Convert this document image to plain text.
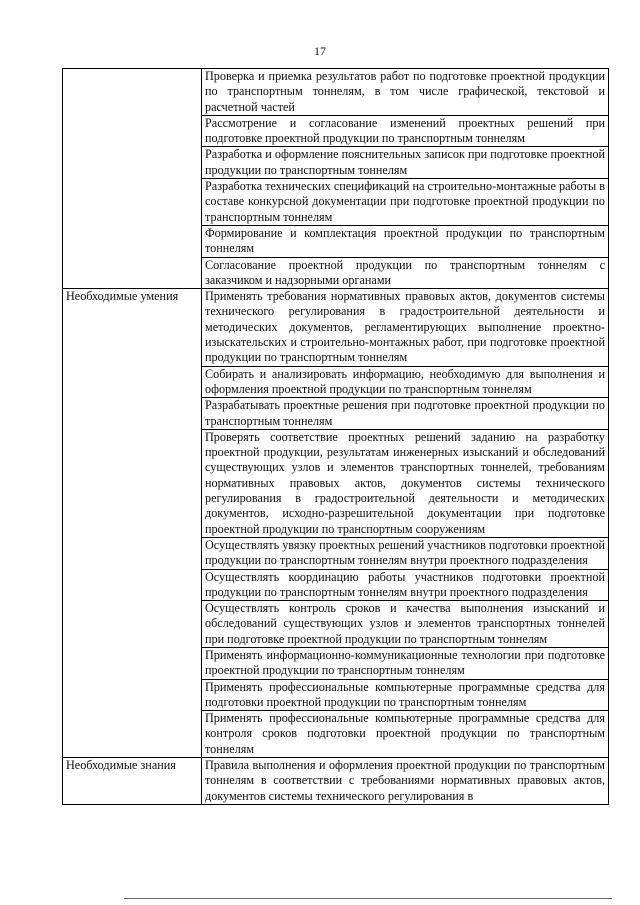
17
	Проверка и приемка результатов работ по подготовке проектной продукции по транспортным тоннелям, в том числе графической, текстовой и расчетной частей
	Рассмотрение и согласование изменений проектных решений при подготовке проектной продукции по транспортным тоннелям
	Разработка и оформление пояснительных записок при подготовке проектной продукции по транспортным тоннелям
	Разработка технических спецификаций на строительно-монтажные работы в составе конкурсной документации при подготовке проектной продукции по транспортным тоннелям
	Формирование и комплектация проектной продукции по транспортным тоннелям
	Согласование проектной продукции по транспортным тоннелям с заказчиком и надзорными органами
Необходимые умения	Применять требования нормативных правовых актов, документов системы технического регулирования в градостроительной деятельности и методических документов, регламентирующих выполнение проектно-изыскательских и строительно-монтажных работ, при подготовке проектной продукции по транспортным тоннелям
	Собирать и анализировать информацию, необходимую для выполнения и оформления проектной продукции по транспортным тоннелям
	Разрабатывать проектные решения при подготовке проектной продукции по транспортным тоннелям
	Проверять соответствие проектных решений заданию на разработку проектной продукции, результатам инженерных изысканий и обследований существующих узлов и элементов транспортных тоннелей, требованиям нормативных правовых актов, документов системы технического регулирования в градостроительной деятельности и методических документов, исходно-разрешительной документации при подготовке проектной продукции по транспортным сооружениям
	Осуществлять увязку проектных решений участников подготовки проектной продукции по транспортным тоннелям внутри проектного подразделения
	Осуществлять координацию работы участников подготовки проектной продукции по транспортным тоннелям внутри проектного подразделения
	Осуществлять контроль сроков и качества выполнения изысканий и обследований существующих узлов и элементов транспортных тоннелей при подготовке проектной продукции по транспортным тоннелям
	Применять информационно-коммуникационные технологии при подготовке проектной продукции по транспортным тоннелям
	Применять профессиональные компьютерные программные средства для подготовки проектной продукции по транспортным тоннелям
	Применять профессиональные компьютерные программные средства для контроля сроков подготовки проектной продукции по транспортным тоннелям
Необходимые знания	Правила выполнения и оформления проектной продукции по транспортным тоннелям в соответствии с требованиями нормативных правовых актов, документов системы технического регулирования в
